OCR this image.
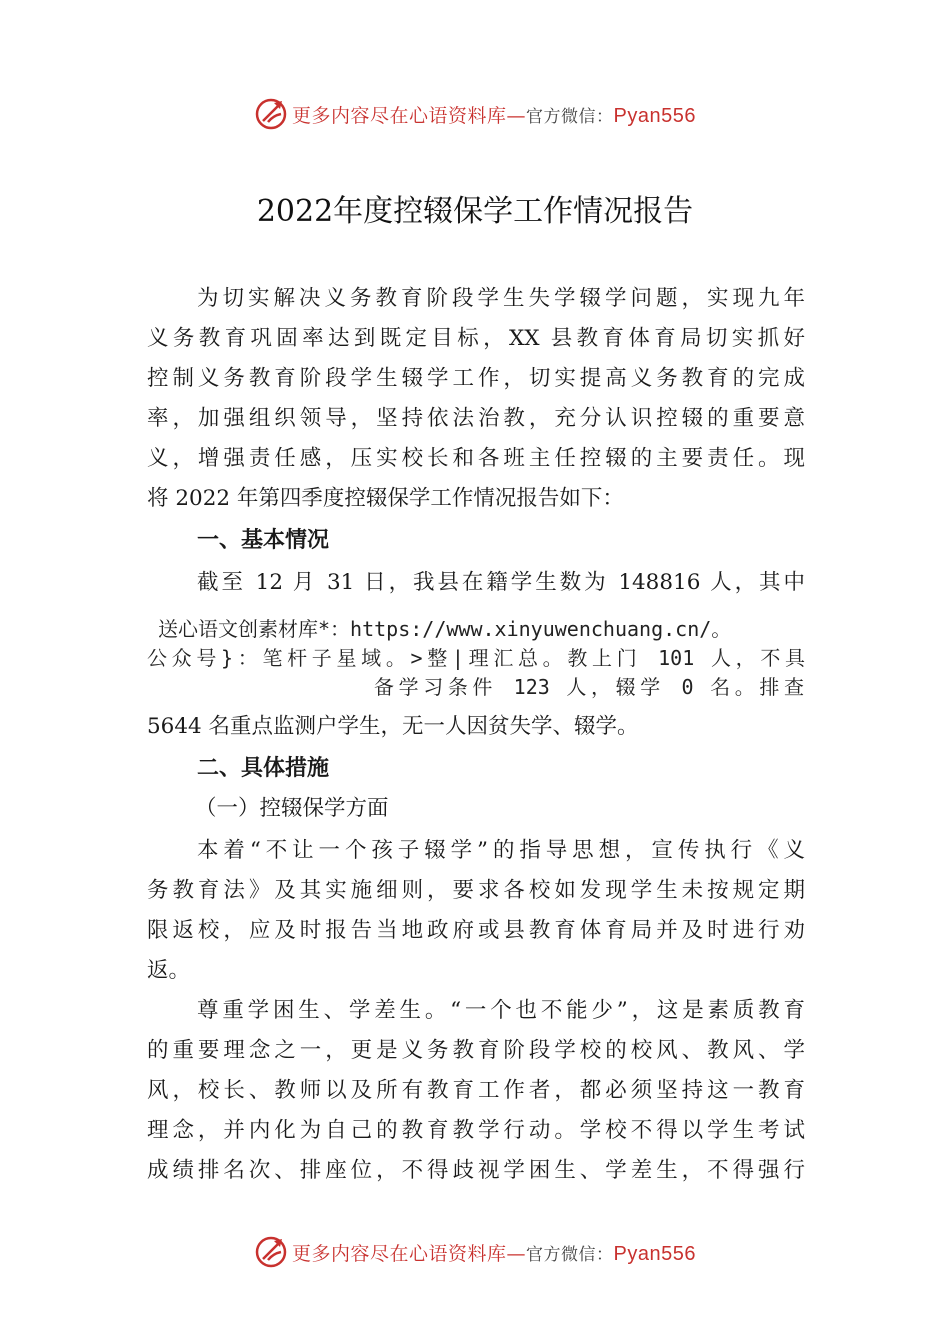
更多内容尽在心语资料库—官方微信：Pyan556
2022年度控辍保学工作情况报告
为切实解决义务教育阶段学生失学辍学问题，实现九年
义务教育巩固率达到既定目标，XX 县教育体育局切实抓好
控制义务教育阶段学生辍学工作，切实提高义务教育的完成
率，加强组织领导，坚持依法治教，充分认识控辍的重要意
义，增强责任感，压实校长和各班主任控辍的主要责任。现
将 2022 年第四季度控辍保学工作情况报告如下：
一、基本情况
截至 12 月 31 日，我县在籍学生数为 148816 人，其中
送心语文创素材库*：https://www.xinyuwenchuang.cn/。
公众号}：笔杆子星域。>整|理汇总。教上门 101 人，不具
备学习条件 123 人，辍学 0 名。排查
5644 名重点监测户学生，无一人因贫失学、辍学。
二、具体措施
（一）控辍保学方面
本着“不让一个孩子辍学”的指导思想，宣传执行《义
务教育法》及其实施细则，要求各校如发现学生未按规定期
限返校，应及时报告当地政府或县教育体育局并及时进行劝
返。
尊重学困生、学差生。“一个也不能少”，这是素质教育
的重要理念之一，更是义务教育阶段学校的校风、教风、学
风，校长、教师以及所有教育工作者，都必须坚持这一教育
理念，并内化为自己的教育教学行动。学校不得以学生考试
成绩排名次、排座位，不得歧视学困生、学差生，不得强行
更多内容尽在心语资料库—官方微信：Pyan556
